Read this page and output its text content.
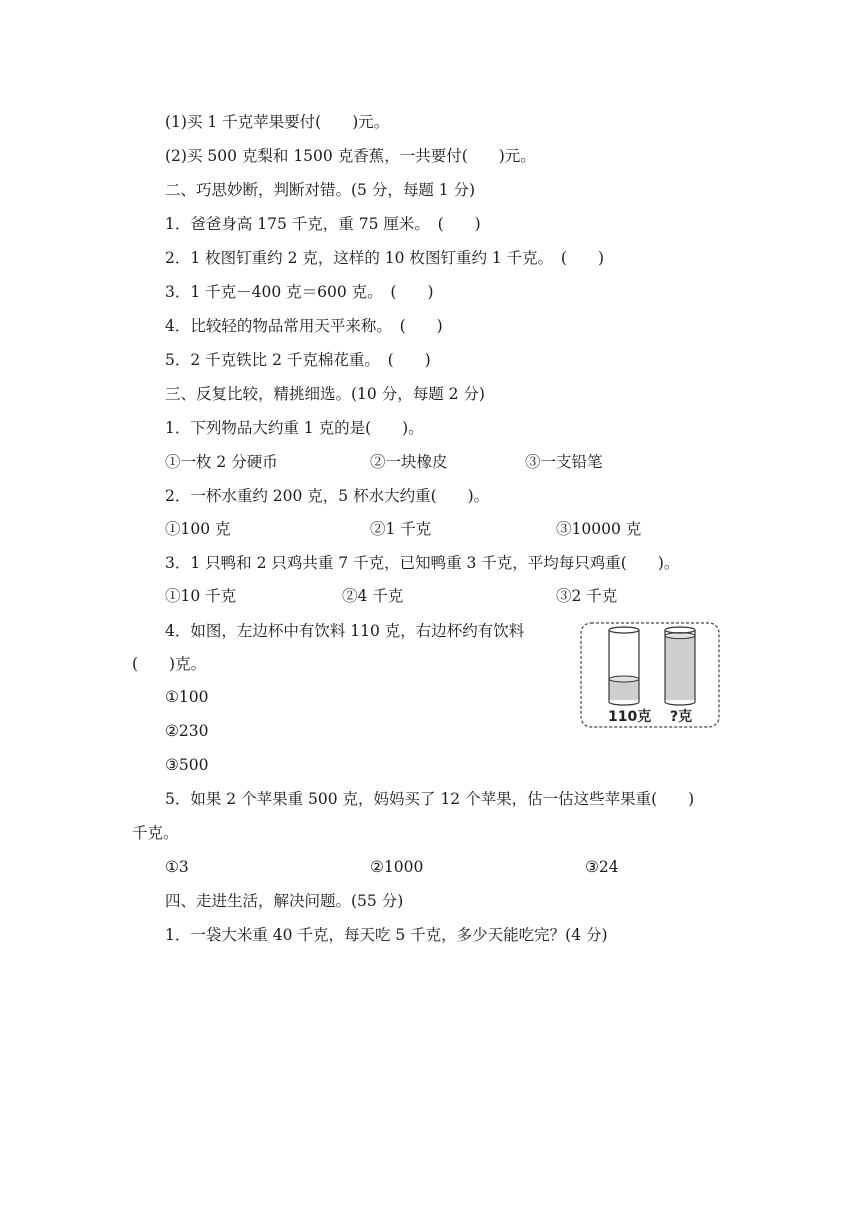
(1)买 1 千克苹果要付(　　)元。
(2)买 500 克梨和 1500 克香蕉，一共要付(　　)元。
二、巧思妙断，判断对错。(5 分，每题 1 分)
1．爸爸身高 175 千克，重 75 厘米。　(　　)
2．1 枚图钉重约 2 克，这样的 10 枚图钉重约 1 千克。　(　　)
3．1 千克－400 克＝600 克。　(　　)
4．比较轻的物品常用天平来称。　(　　)
5．2 千克铁比 2 千克棉花重。　(　　)
三、反复比较，精挑细选。(10 分，每题 2 分)
1．下列物品大约重 1 克的是(　　)。
①一枚 2 分硬币	②一块橡皮	③一支铅笔
2．一杯水重约 200 克，5 杯水大约重(　　)。
①100 克	②1 千克	③10000 克
3．1 只鸭和 2 只鸡共重 7 千克，已知鸭重 3 千克，平均每只鸡重(　　)。
①10 千克	②4 千克	③2 千克
4．如图，左边杯中有饮料 110 克，右边杯约有饮料
(　　)克。
①100
②230
③500
110克 ?克
5．如果 2 个苹果重 500 克，妈妈买了 12 个苹果，估一估这些苹果重(　　)
千克。
①3	②1000	③24
四、走进生活，解决问题。(55 分)
1．一袋大米重 40 千克，每天吃 5 千克，多少天能吃完？(4 分)
